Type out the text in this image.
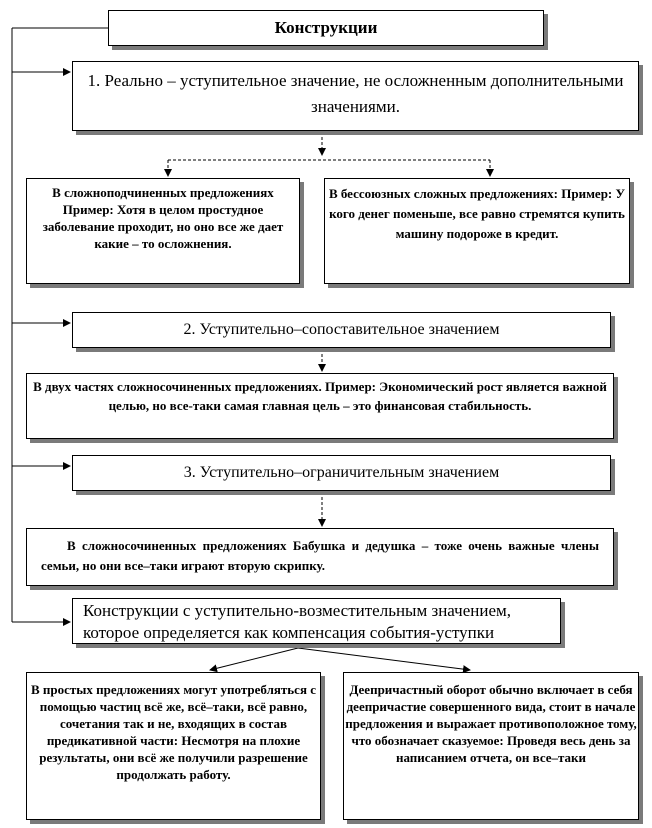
Конструкции
1. Реально – уступительное значение, не осложненным дополнительными значениями.
В сложноподчиненных предложениях Пример: Хотя в целом простудное заболевание проходит, но оно все же дает какие – то осложнения.
В бессоюзных сложных предложениях: Пример: У кого денег поменьше, все равно стремятся купить машину подороже в кредит.
2. Уступительно–сопоставительное значением
В двух частях сложносочиненных предложениях. Пример: Экономический рост является важной целью, но все-таки самая главная цель – это финансовая стабильность.
3. Уступительно–ограничительным значением
В сложносочиненных предложениях Бабушка и дедушка – тоже очень важные члены семьи, но они все–таки играют вторую скрипку.
Конструкции с уступительно-возместительным значением, которое определяется как компенсация события-уступки
В простых предложениях могут употребляться с помощью частиц всё же, всё–таки, всё равно, сочетания так и не, входящих в состав предикативной части: Несмотря на плохие результаты, они всё же получили разрешение продолжать работу.
Деепричастный оборот обычно включает в себя деепричастие совершенного вида, стоит в начале предложения и выражает противоположное тому, что обозначает сказуемое: Проведя весь день за написанием отчета, он все–таки
